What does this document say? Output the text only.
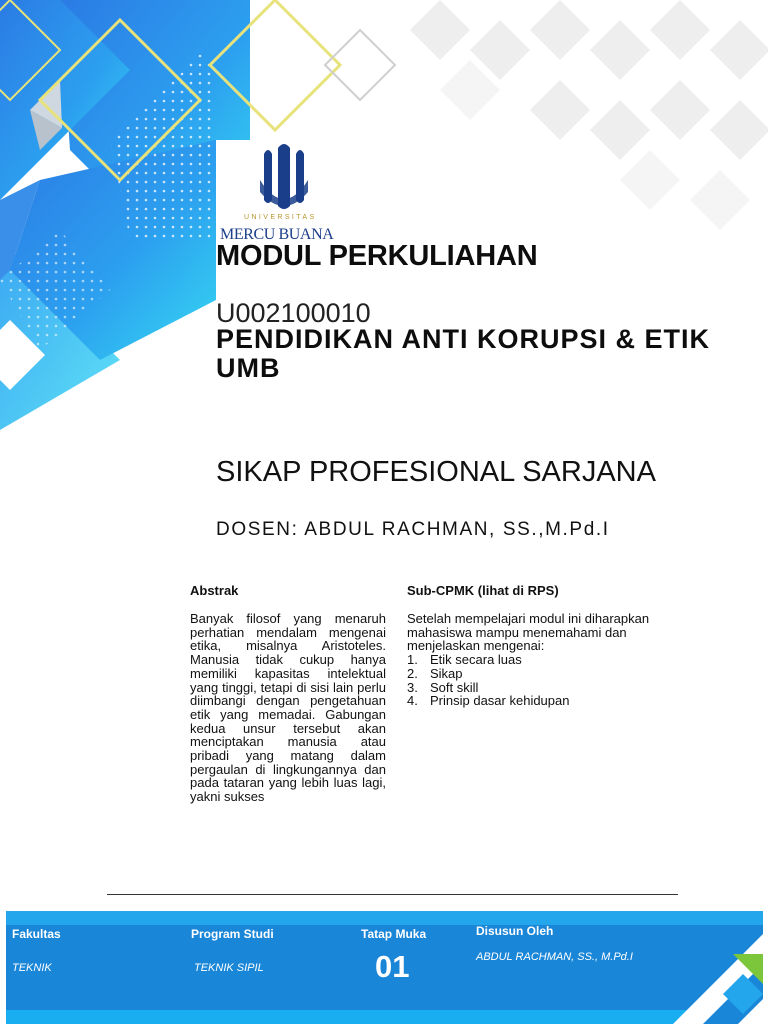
UNIVERSITAS
MERCU BUANA
MODUL PERKULIAHAN
U002100010
PENDIDIKAN ANTI KORUPSI & ETIK UMB
SIKAP PROFESIONAL SARJANA
DOSEN: ABDUL RACHMAN, SS.,M.Pd.I
Abstrak
Banyak filosof yang menaruh perhatian mendalam mengenai etika, misalnya Aristoteles. Manusia tidak cukup hanya memiliki kapasitas intelektual yang tinggi, tetapi di sisi lain perlu diimbangi dengan pengetahuan etik yang memadai. Gabungan kedua unsur tersebut akan menciptakan manusia atau pribadi yang matang dalam pergaulan di lingkungannya dan pada tataran yang lebih luas lagi, yakni sukses
Sub-CPMK (lihat di RPS)
Setelah mempelajari modul ini diharapkan mahasiswa mampu menemahami dan menjelaskan mengenai:
1. Etik secara luas
2. Sikap
3. Soft skill
4. Prinsip dasar kehidupan
Fakultas
TEKNIK
Program Studi
TEKNIK SIPIL
Tatap Muka
01
Disusun Oleh
ABDUL RACHMAN, SS., M.Pd.I
